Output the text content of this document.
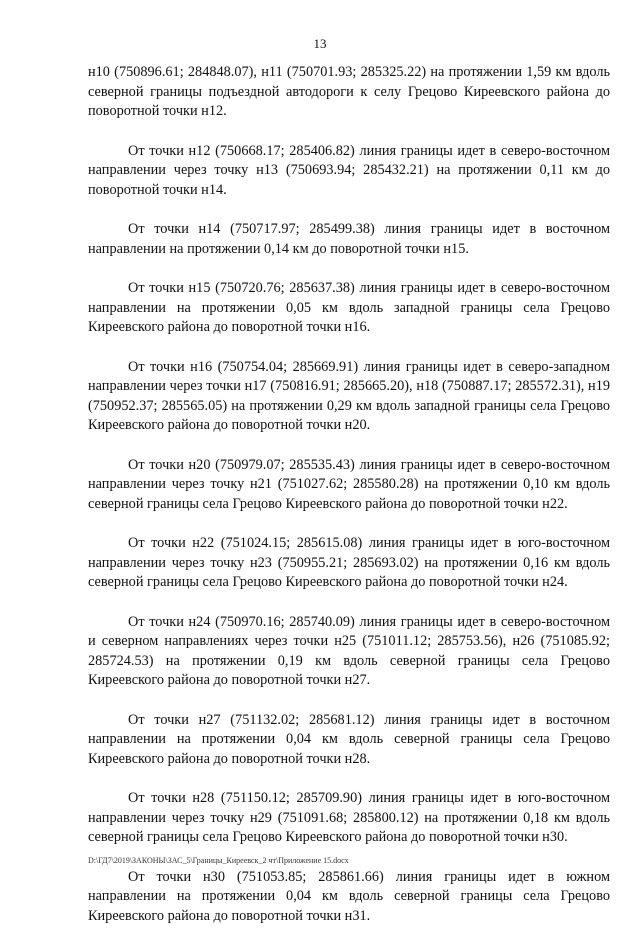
13

н10 (750896.61; 284848.07), н11 (750701.93; 285325.22) на протяжении 1,59 км вдоль северной границы подъездной автодороги к селу Грецово Киреевского района до поворотной точки н12.

От точки н12 (750668.17; 285406.82) линия границы идет в северо-восточном направлении через точку н13 (750693.94; 285432.21) на протяжении 0,11 км до поворотной точки н14.

От точки н14 (750717.97; 285499.38) линия границы идет в восточном направлении на протяжении 0,14 км до поворотной точки н15.

От точки н15 (750720.76; 285637.38) линия границы идет в северо-восточном направлении на протяжении 0,05 км вдоль западной границы села Грецово Киреевского района до поворотной точки н16.

От точки н16 (750754.04; 285669.91) линия границы идет в северо-западном направлении через точки н17 (750816.91; 285665.20), н18 (750887.17; 285572.31), н19 (750952.37; 285565.05) на протяжении 0,29 км вдоль западной границы села Грецово Киреевского района до поворотной точки н20.

От точки н20 (750979.07; 285535.43) линия границы идет в северо-восточном направлении через точку н21 (751027.62; 285580.28) на протяжении 0,10 км вдоль северной границы села Грецово Киреевского района до поворотной точки н22.

От точки н22 (751024.15; 285615.08) линия границы идет в юго-восточном направлении через точку н23 (750955.21; 285693.02) на протяжении 0,16 км вдоль северной границы села Грецово Киреевского района до поворотной точки н24.

От точки н24 (750970.16; 285740.09) линия границы идет в северо-восточном и северном направлениях через точки н25 (751011.12; 285753.56), н26 (751085.92; 285724.53) на протяжении 0,19 км вдоль северной границы села Грецово Киреевского района до поворотной точки н27.

От точки н27 (751132.02; 285681.12) линия границы идет в восточном направлении на протяжении 0,04 км вдоль северной границы села Грецово Киреевского района до поворотной точки н28.

От точки н28 (751150.12; 285709.90) линия границы идет в юго-восточном направлении через точку н29 (751091.68; 285800.12) на протяжении 0,18 км вдоль северной границы села Грецово Киреевского района до поворотной точки н30.

От точки н30 (751053.85; 285861.66) линия границы идет в южном направлении на протяжении 0,04 км вдоль северной границы села Грецово Киреевского района до поворотной точки н31.

D:\ГД7\2019\ЗАКОНЫ\ЗАС_5\Границы_Киреевск_2 чт\Приложение 15.docx
